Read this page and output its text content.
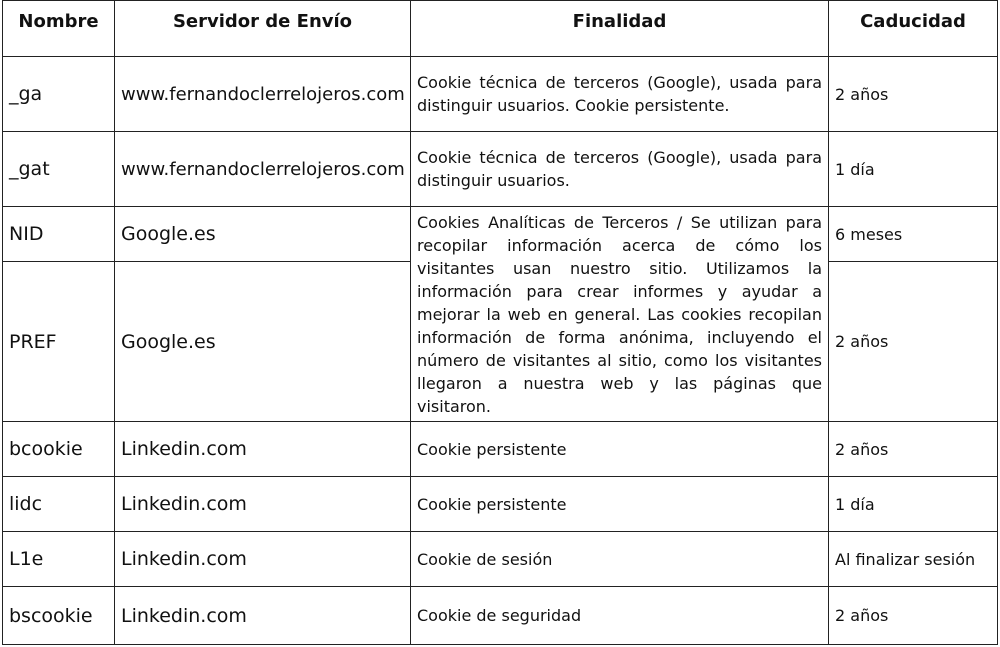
Nombre	Servidor de Envío	Finalidad	Caducidad
_ga	www.fernandoclerrelojeros.com	Cookie técnica de terceros (Google), usada para distinguir usuarios. Cookie persistente.	2 años
_gat	www.fernandoclerrelojeros.com	Cookie técnica de terceros (Google), usada para distinguir usuarios.	1 día
NID	Google.es	Cookies Analíticas de Terceros / Se utilizan para recopilar información acerca de cómo los visitantes usan nuestro sitio. Utilizamos la información para crear informes y ayudar a mejorar la web en general. Las cookies recopilan información de forma anónima, incluyendo el número de visitantes al sitio, como los visitantes llegaron a nuestra web y las páginas que visitaron.	6 meses
PREF	Google.es		2 años
bcookie	Linkedin.com	Cookie persistente	2 años
lidc	Linkedin.com	Cookie persistente	1 día
L1e	Linkedin.com	Cookie de sesión	Al finalizar sesión
bscookie	Linkedin.com	Cookie de seguridad	2 años
